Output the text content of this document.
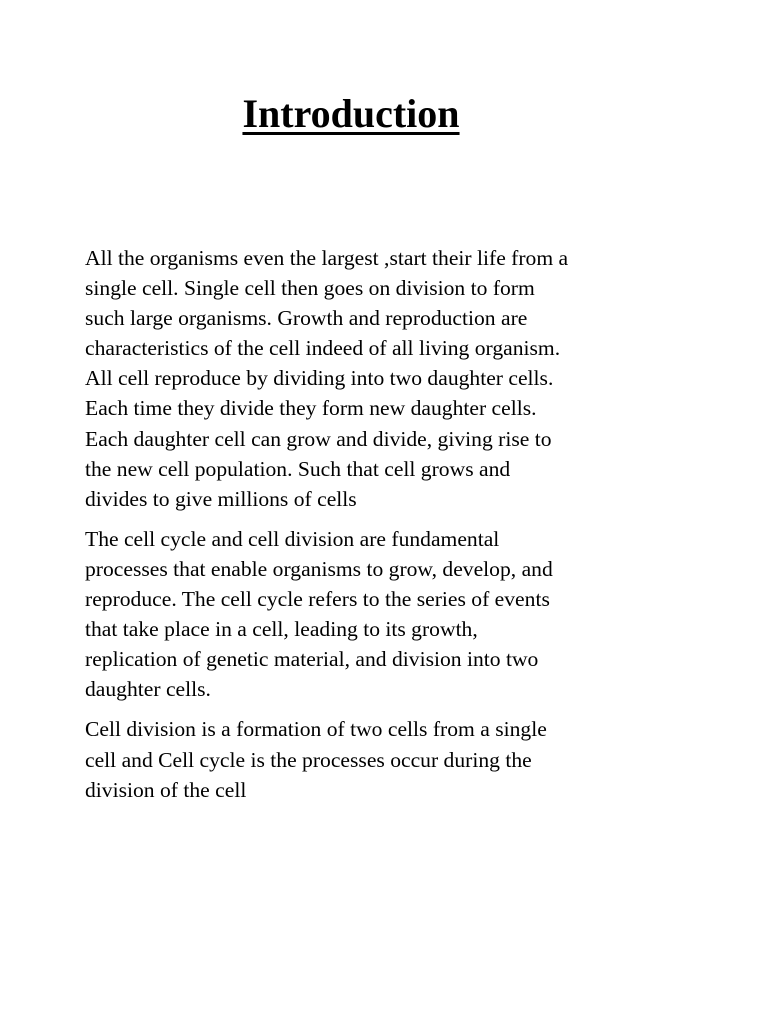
Introduction

All the organisms even the largest ,start their life from a
single cell. Single cell then goes on division to form
such large organisms. Growth and reproduction are
characteristics of the cell indeed of all living organism.
All cell reproduce by dividing into two daughter cells.
Each time they divide they form new daughter cells.
Each daughter cell can grow and divide, giving rise to
the new cell population. Such that cell grows and
divides to give millions of cells

The cell cycle and cell division are fundamental
processes that enable organisms to grow, develop, and
reproduce. The cell cycle refers to the series of events
that take place in a cell, leading to its growth,
replication of genetic material, and division into two
daughter cells.

Cell division is a formation of two cells from a single
cell and Cell cycle is the processes occur during the
division of the cell
